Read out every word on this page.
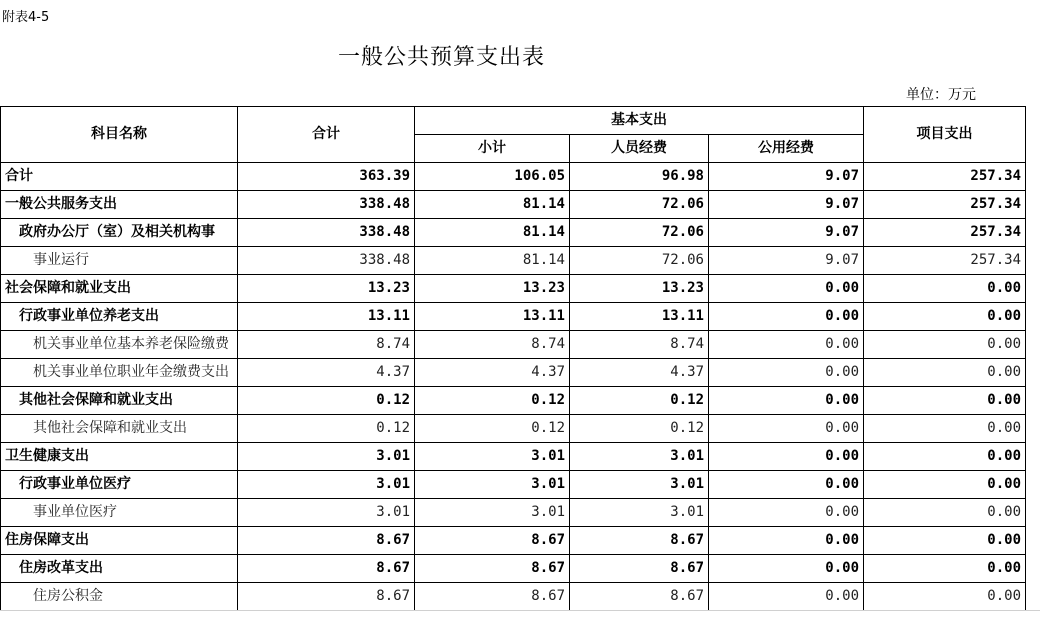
附表4-5
一般公共预算支出表
单位：万元
科目名称	合计	基本支出			项目支出
		小计	人员经费	公用经费	
合计	363.39	106.05	96.98	9.07	257.34
一般公共服务支出	338.48	81.14	72.06	9.07	257.34
政府办公厅（室）及相关机构事	338.48	81.14	72.06	9.07	257.34
事业运行	338.48	81.14	72.06	9.07	257.34
社会保障和就业支出	13.23	13.23	13.23	0.00	0.00
行政事业单位养老支出	13.11	13.11	13.11	0.00	0.00
机关事业单位基本养老保险缴费	8.74	8.74	8.74	0.00	0.00
机关事业单位职业年金缴费支出	4.37	4.37	4.37	0.00	0.00
其他社会保障和就业支出	0.12	0.12	0.12	0.00	0.00
其他社会保障和就业支出	0.12	0.12	0.12	0.00	0.00
卫生健康支出	3.01	3.01	3.01	0.00	0.00
行政事业单位医疗	3.01	3.01	3.01	0.00	0.00
事业单位医疗	3.01	3.01	3.01	0.00	0.00
住房保障支出	8.67	8.67	8.67	0.00	0.00
住房改革支出	8.67	8.67	8.67	0.00	0.00
住房公积金	8.67	8.67	8.67	0.00	0.00
